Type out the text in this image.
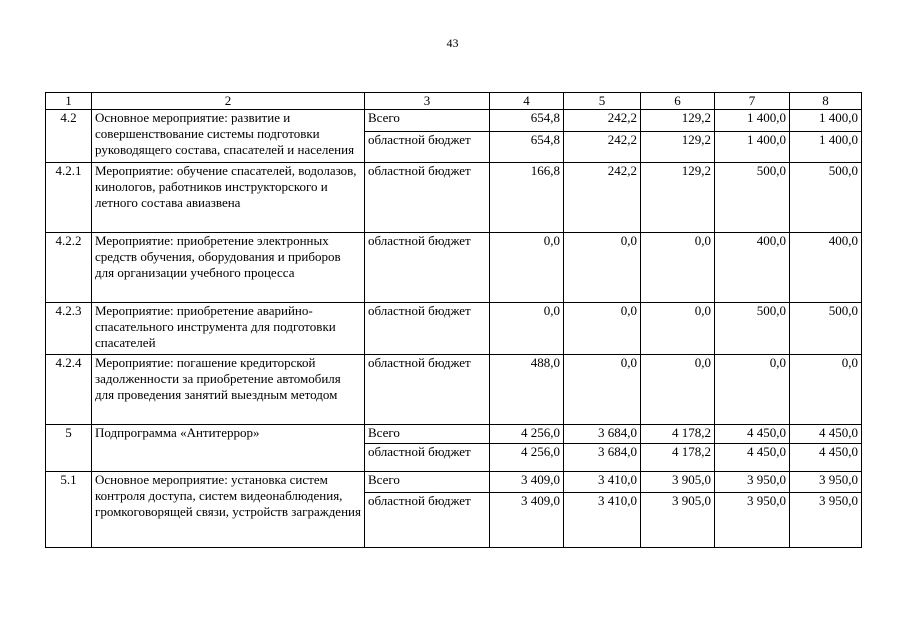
43
1	2	3	4	5	6	7	8
4.2	Основное мероприятие: развитие и совершенствование системы подготовки руководящего состава, спасателей и населения	Всего	654,8	242,2	129,2	1 400,0	1 400,0
		областной бюджет	654,8	242,2	129,2	1 400,0	1 400,0
4.2.1	Мероприятие: обучение спасателей, водолазов, кинологов, работников инструкторского и летного состава авиазвена	областной бюджет	166,8	242,2	129,2	500,0	500,0
4.2.2	Мероприятие: приобретение электронных средств обучения, оборудования и приборов для организации учебного процесса	областной бюджет	0,0	0,0	0,0	400,0	400,0
4.2.3	Мероприятие: приобретение аварийно-спасательного инструмента для подготовки спасателей	областной бюджет	0,0	0,0	0,0	500,0	500,0
4.2.4	Мероприятие: погашение кредиторской задолженности за приобретение автомобиля для проведения занятий выездным методом	областной бюджет	488,0	0,0	0,0	0,0	0,0
5	Подпрограмма «Антитеррор»	Всего	4 256,0	3 684,0	4 178,2	4 450,0	4 450,0
		областной бюджет	4 256,0	3 684,0	4 178,2	4 450,0	4 450,0
5.1	Основное мероприятие: установка систем контроля доступа, систем видеонаблюдения, громкоговорящей связи, устройств заграждения	Всего	3 409,0	3 410,0	3 905,0	3 950,0	3 950,0
		областной бюджет	3 409,0	3 410,0	3 905,0	3 950,0	3 950,0
